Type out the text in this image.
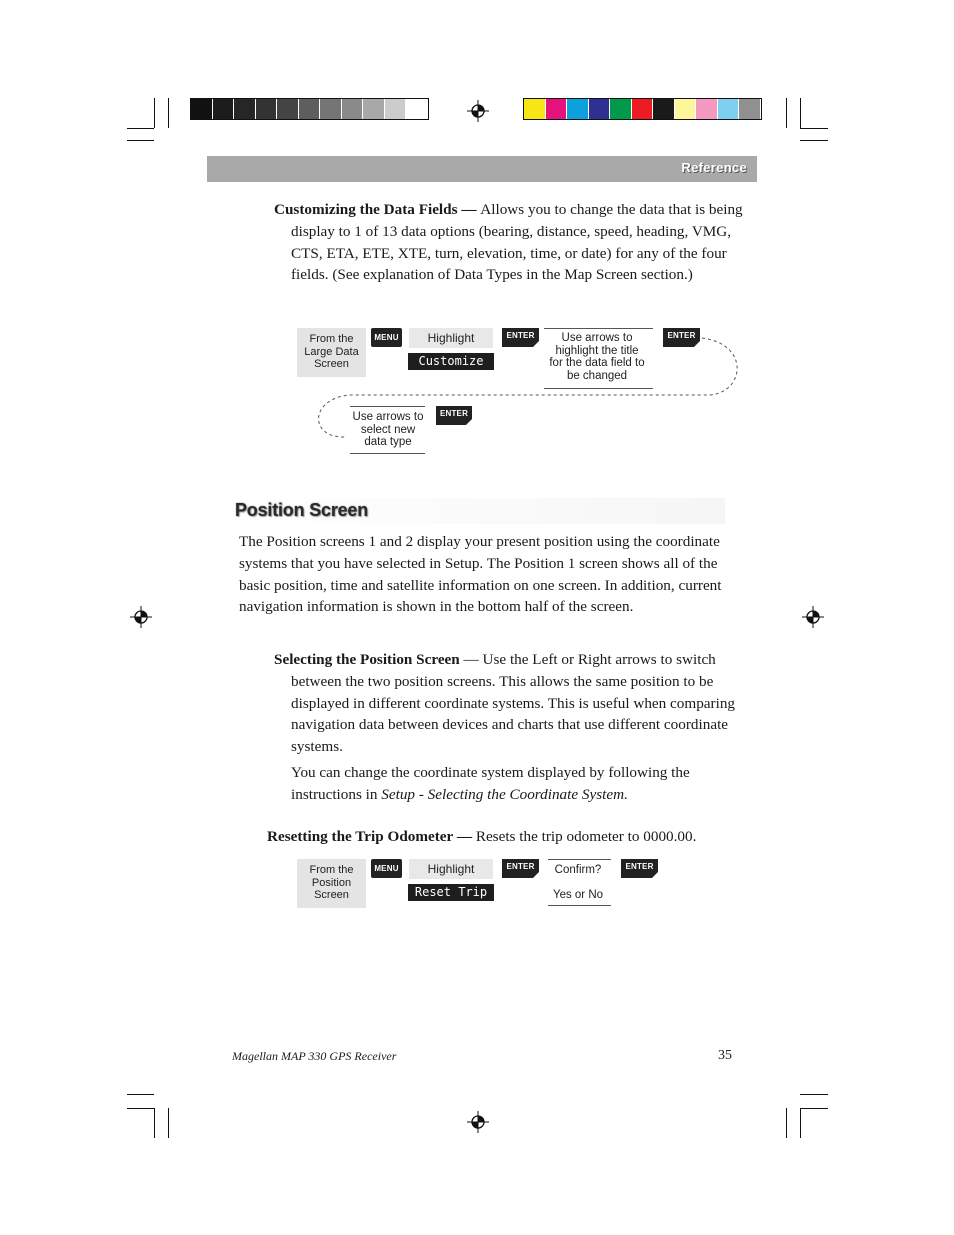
Reference
Customizing the Data Fields — Allows you to change the data that is being display to 1 of 13 data options (bearing, distance, speed, heading, VMG, CTS, ETA, ETE, XTE, turn, elevation, time, or date) for any of the four fields. (See explanation of Data Types in the Map Screen section.)
From the
Large Data
Screen
MENU	Highlight
Customize
ENTER	Use arrows to
highlight the title
for the data field to
be changed
ENTER
Use arrows to
select new
data type
ENTER
Position Screen
The Position screens 1 and 2 display your present position using the coordinate systems that you have selected in Setup. The Position 1 screen shows all of the basic position, time and satellite information on one screen. In addition, current navigation information is shown in the bottom half of the screen.
Selecting the Position Screen — Use the Left or Right arrows to switch between the two position screens. This allows the same position to be displayed in different coordinate systems. This is useful when comparing navigation data between devices and charts that use different coordinate systems.
You can change the coordinate system displayed by following the instructions in Setup - Selecting the Coordinate System.
Resetting the Trip Odometer — Resets the trip odometer to 0000.00.
From the
Position
Screen
MENU	Highlight
Reset Trip
ENTER	Confirm?
Yes or No
ENTER
Magellan MAP 330 GPS Receiver	35
